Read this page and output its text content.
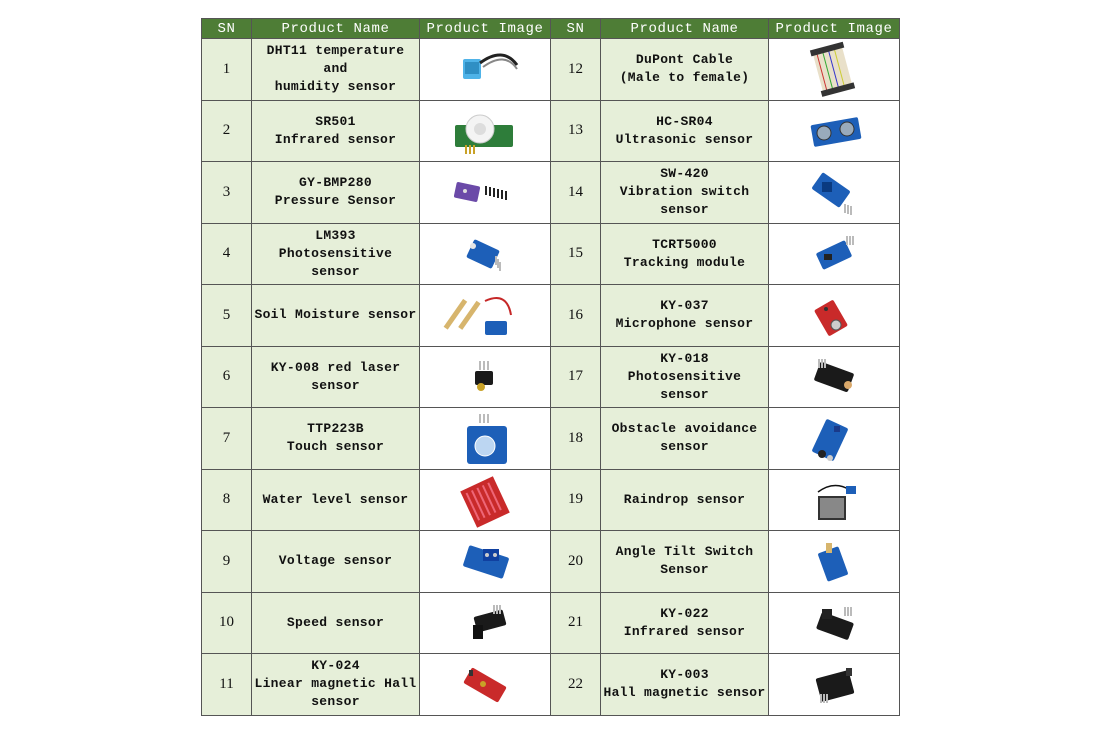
SN	Product Name	Product Image	SN	Product Name	Product Image
1	DHT11 temperature and
humidity sensor		12	DuPont Cable
(Male to female)

2	SR501
Infrared sensor		13	HC-SR04
Ultrasonic sensor

3	GY-BMP280
Pressure Sensor		14	SW-420
Vibration switch
sensor

4	LM393
Photosensitive sensor		15	TCRT5000
Tracking module

5	Soil Moisture sensor		16	KY-037
Microphone sensor

6	KY-008 red laser
sensor		17	KY-018
Photosensitive sensor

7	TTP223B
Touch sensor		18	Obstacle avoidance
sensor

8	Water level sensor		19	Raindrop sensor

9	Voltage sensor		20	Angle Tilt Switch
Sensor

10	Speed sensor		21	KY-022
Infrared sensor

11	KY-024
Linear magnetic Hall
sensor		22	KY-003
Hall magnetic sensor
